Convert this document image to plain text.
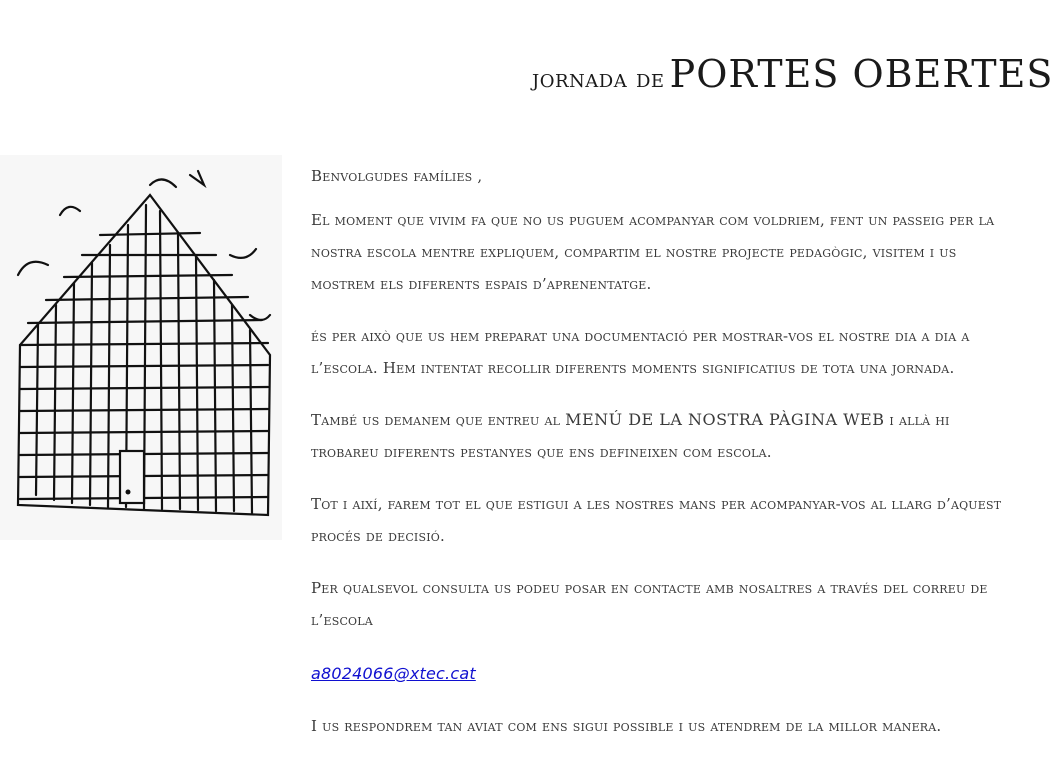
jornada de PORTES OBERTES

Benvolgudes famílies ,

El moment que vivim fa que no us puguem acompanyar com voldriem, fent un passeig per la nostra escola mentre expliquem, compartim el nostre projecte pedagògic, visitem i us mostrem els diferents espais d’aprenentatge.

és per això que us hem preparat una documentació per mostrar-vos el nostre dia a dia a l’escola. Hem intentat recollir diferents moments significatius de tota una jornada.

També us demanem que entreu al MENÚ DE LA NOSTRA PÀGINA WEB i allà hi trobareu diferents pestanyes que ens defineixen com escola.

Tot i així, farem tot el que estigui a les nostres mans per acompanyar-vos al llarg d’aquest procés de decisió.

Per qualsevol consulta us podeu posar en contacte amb nosaltres a través del correu de l’escola

a8024066@xtec.cat

I us respondrem tan aviat com ens sigui possible i us atendrem de la millor manera.
